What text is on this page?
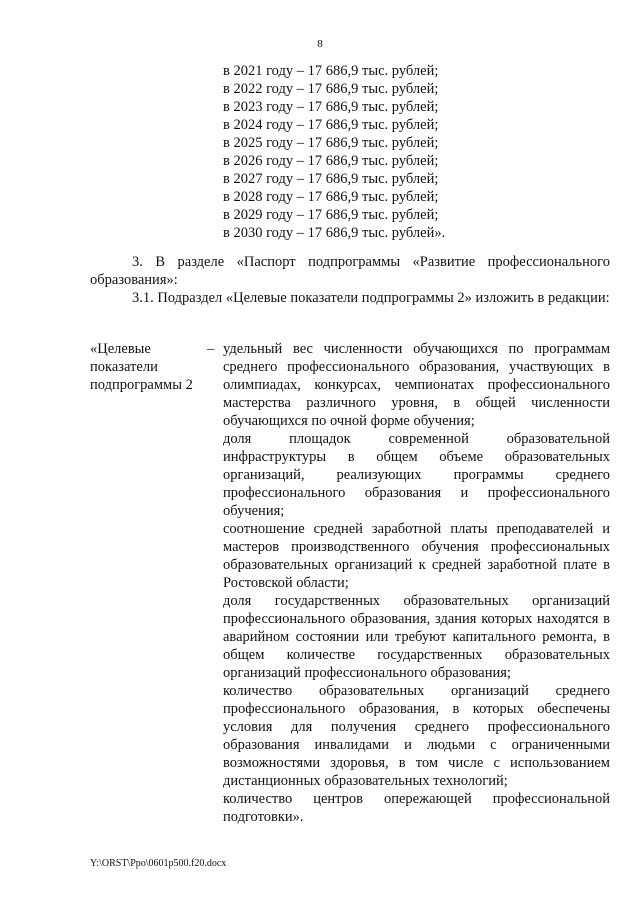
8
в 2021 году – 17 686,9 тыс. рублей;
в 2022 году – 17 686,9 тыс. рублей;
в 2023 году – 17 686,9 тыс. рублей;
в 2024 году – 17 686,9 тыс. рублей;
в 2025 году – 17 686,9 тыс. рублей;
в 2026 году – 17 686,9 тыс. рублей;
в 2027 году – 17 686,9 тыс. рублей;
в 2028 году – 17 686,9 тыс. рублей;
в 2029 году – 17 686,9 тыс. рублей;
в 2030 году – 17 686,9 тыс. рублей».
3. В разделе «Паспорт подпрограммы «Развитие профессионального образования»:
3.1. Подраздел «Целевые показатели подпрограммы 2» изложить в редакции:
«Целевые показатели подпрограммы 2
– удельный вес численности обучающихся по программам среднего профессионального образования, участвующих в олимпиадах, конкурсах, чемпионатах профессионального мастерства различного уровня, в общей численности обучающихся по очной форме обучения;
доля площадок современной образовательной инфраструктуры в общем объеме образовательных организаций, реализующих программы среднего профессионального образования и профессионального обучения;
соотношение средней заработной платы преподавателей и мастеров производственного обучения профессиональных образовательных организаций к средней заработной плате в Ростовской области;
доля государственных образовательных организаций профессионального образования, здания которых находятся в аварийном состоянии или требуют капитального ремонта, в общем количестве государственных образовательных организаций профессионального образования;
количество образовательных организаций среднего профессионального образования, в которых обеспечены условия для получения среднего профессионального образования инвалидами и людьми с ограниченными возможностями здоровья, в том числе с использованием дистанционных образовательных технологий;
количество центров опережающей профессиональной подготовки».
Y:\ORST\Ppo\0601p500.f20.docx
